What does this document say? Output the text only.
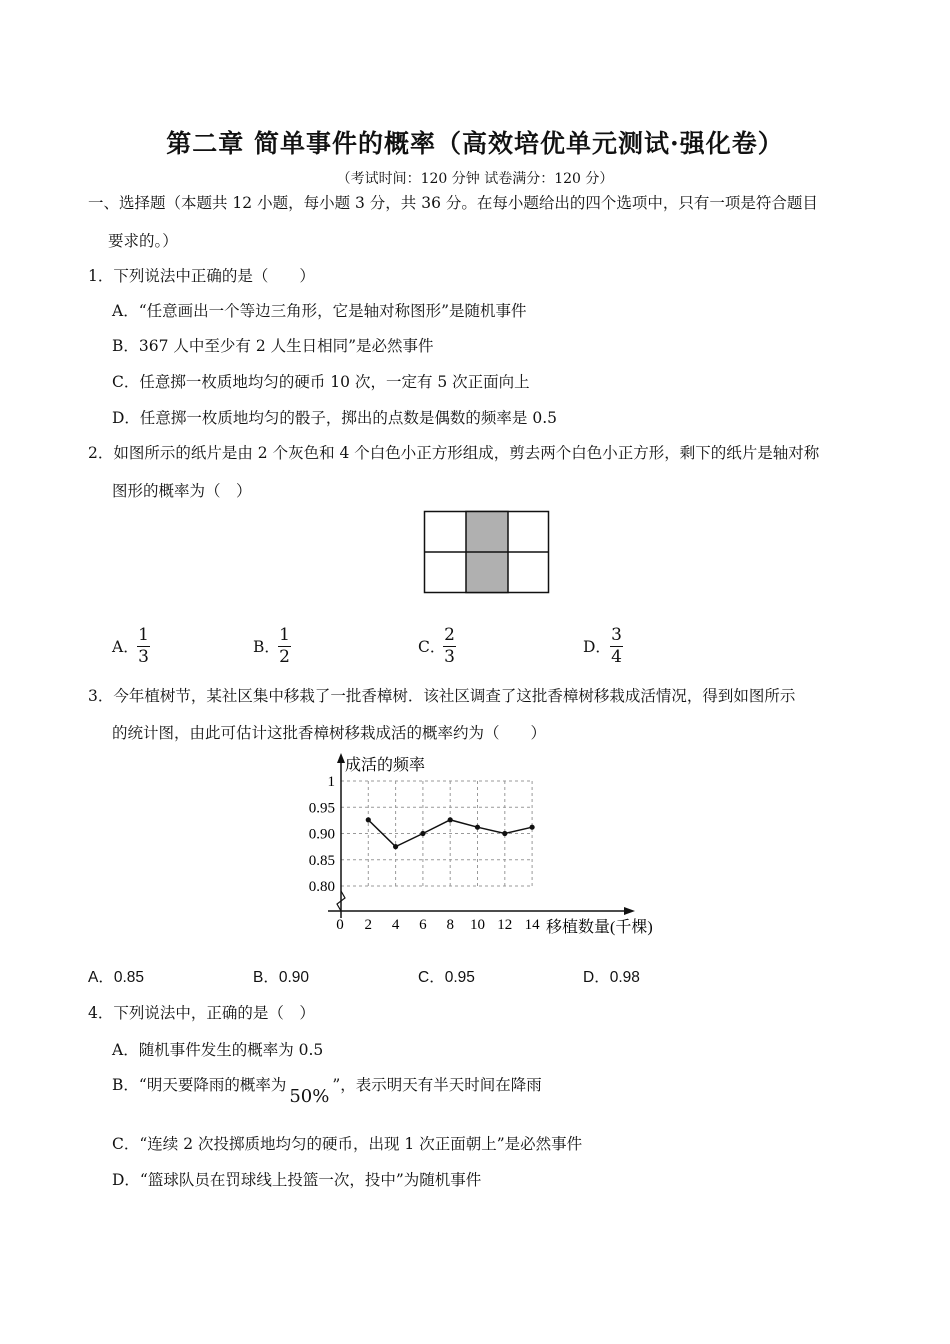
第二章 简单事件的概率（高效培优单元测试·强化卷）
（考试时间：120 分钟 试卷满分：120 分）
一、选择题（本题共 12 小题，每小题 3 分，共 36 分。在每小题给出的四个选项中，只有一项是符合题目
要求的。）
1．下列说法中正确的是（　　）
A．“任意画出一个等边三角形，它是轴对称图形”是随机事件
B．367 人中至少有 2 人生日相同”是必然事件
C．任意掷一枚质地均匀的硬币 10 次，一定有 5 次正面向上
D．任意掷一枚质地均匀的骰子，掷出的点数是偶数的频率是 0.5
2．如图所示的纸片是由 2 个灰色和 4 个白色小正方形组成，剪去两个白色小正方形，剩下的纸片是轴对称
图形的概率为（　）
A．
1
3	B．
1
2	C．
2
3	D．
3
4
3．今年植树节，某社区集中移栽了一批香樟树．该社区调查了这批香樟树移栽成活情况，得到如图所示
的统计图，由此可估计这批香樟树移栽成活的概率约为（　　）
成活的频率
移植数量(千棵)
0
0.80
0.85
0.90
0.95
1
2 4 6 8 10 12 14
A．0.85	B．0.90	C．0.95	D．0.98
4．下列说法中，正确的是（　）
A．随机事件发生的概率为 0.5
B．“明天要降雨的概率为50%”，表示明天有半天时间在降雨
C．“连续 2 次投掷质地均匀的硬币，出现 1 次正面朝上”是必然事件
D．“篮球队员在罚球线上投篮一次，投中”为随机事件
